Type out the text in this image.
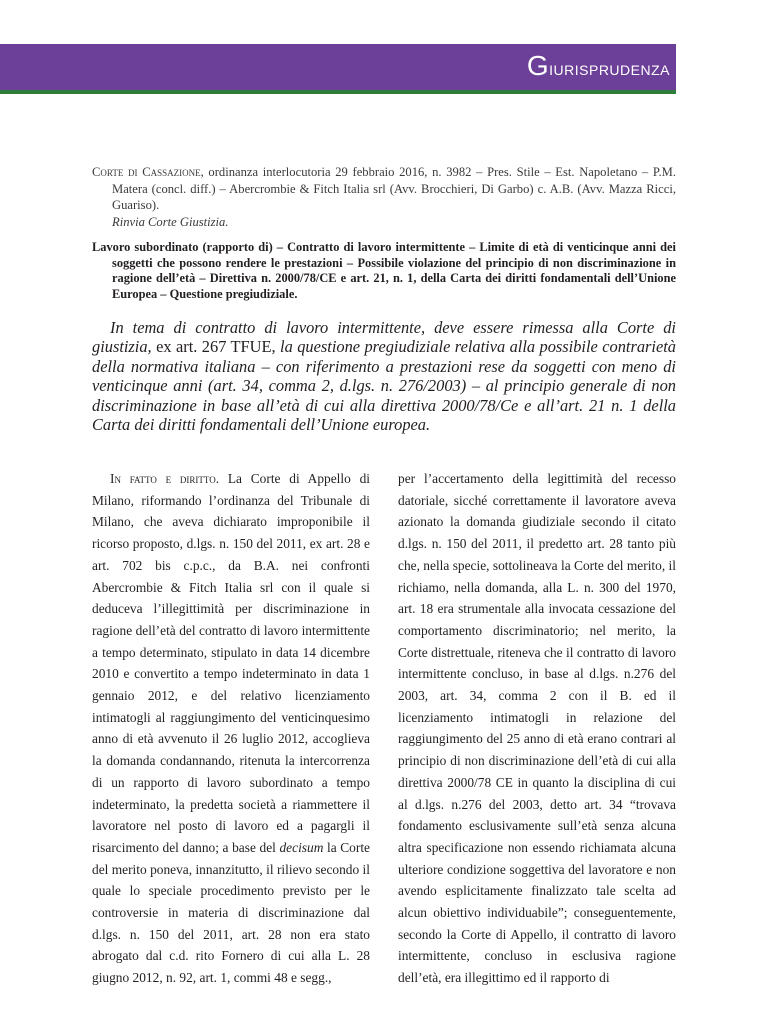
Giurisprudenza

Corte di Cassazione, ordinanza interlocutoria 29 febbraio 2016, n. 3982 – Pres. Stile – Est. Napoletano – P.M. Matera (concl. diff.) – Abercrombie & Fitch Italia srl (Avv. Brocchieri, Di Garbo) c. A.B. (Avv. Mazza Ricci, Guariso).

Rinvia Corte Giustizia.

Lavoro subordinato (rapporto di) – Contratto di lavoro intermittente – Limite di età di venticinque anni dei soggetti che possono rendere le prestazioni – Possibile violazione del principio di non discriminazione in ragione dell’età – Direttiva n. 2000/78/CE e art. 21, n. 1, della Carta dei diritti fondamentali dell’Unione Europea – Questione pregiudiziale.

In tema di contratto di lavoro intermittente, deve essere rimessa alla Corte di giustizia, ex art. 267 TFUE, la questione pregiudiziale relativa alla possibile contrarietà della normativa italiana – con riferimento a prestazioni rese da soggetti con meno di venticinque anni (art. 34, comma 2, d.lgs. n. 276/2003) – al principio generale di non discriminazione in base all’età di cui alla direttiva 2000/78/Ce e all’art. 21 n. 1 della Carta dei diritti fondamentali dell’Unione europea.

In fatto e diritto. La Corte di Appello di Milano, riformando l’ordinanza del Tribunale di Milano, che aveva dichiarato improponibile il ricorso proposto, d.lgs. n. 150 del 2011, ex art. 28 e art. 702 bis c.p.c., da B.A. nei confronti Abercrombie & Fitch Italia srl con il quale si deduceva l’illegittimità per discriminazione in ragione dell’età del contratto di lavoro intermittente a tempo determinato, stipulato in data 14 dicembre 2010 e convertito a tempo indeterminato in data 1 gennaio 2012, e del relativo licenziamento intimatogli al raggiungimento del venticinquesimo anno di età avvenuto il 26 luglio 2012, accoglieva la domanda condannando, ritenuta la intercorrenza di un rapporto di lavoro subordinato a tempo indeterminato, la predetta società a riammettere il lavoratore nel posto di lavoro ed a pagargli il risarcimento del danno; a base del decisum la Corte del merito poneva, innanzitutto, il rilievo secondo il quale lo speciale procedimento previsto per le controversie in materia di discriminazione dal d.lgs. n. 150 del 2011, art. 28 non era stato abrogato dal c.d. rito Fornero di cui alla L. 28 giugno 2012, n. 92, art. 1, commi 48 e segg.,

per l’accertamento della legittimità del recesso datoriale, sicché correttamente il lavoratore aveva azionato la domanda giudiziale secondo il citato d.lgs. n. 150 del 2011, il predetto art. 28 tanto più che, nella specie, sottolineava la Corte del merito, il richiamo, nella domanda, alla L. n. 300 del 1970, art. 18 era strumentale alla invocata cessazione del comportamento discriminatorio; nel merito, la Corte distrettuale, riteneva che il contratto di lavoro intermittente concluso, in base al d.lgs. n.276 del 2003, art. 34, comma 2 con il B. ed il licenziamento intimatogli in relazione del raggiungimento del 25 anno di età erano contrari al principio di non discriminazione dell’età di cui alla direttiva 2000/78 CE in quanto la disciplina di cui al d.lgs. n.276 del 2003, detto art. 34 “trovava fondamento esclusivamente sull’età senza alcuna altra specificazione non essendo richiamata alcuna ulteriore condizione soggettiva del lavoratore e non avendo esplicitamente finalizzato tale scelta ad alcun obiettivo individuabile”; conseguentemente, secondo la Corte di Appello, il contratto di lavoro intermittente, concluso in esclusiva ragione dell’età, era illegittimo ed il rapporto di
